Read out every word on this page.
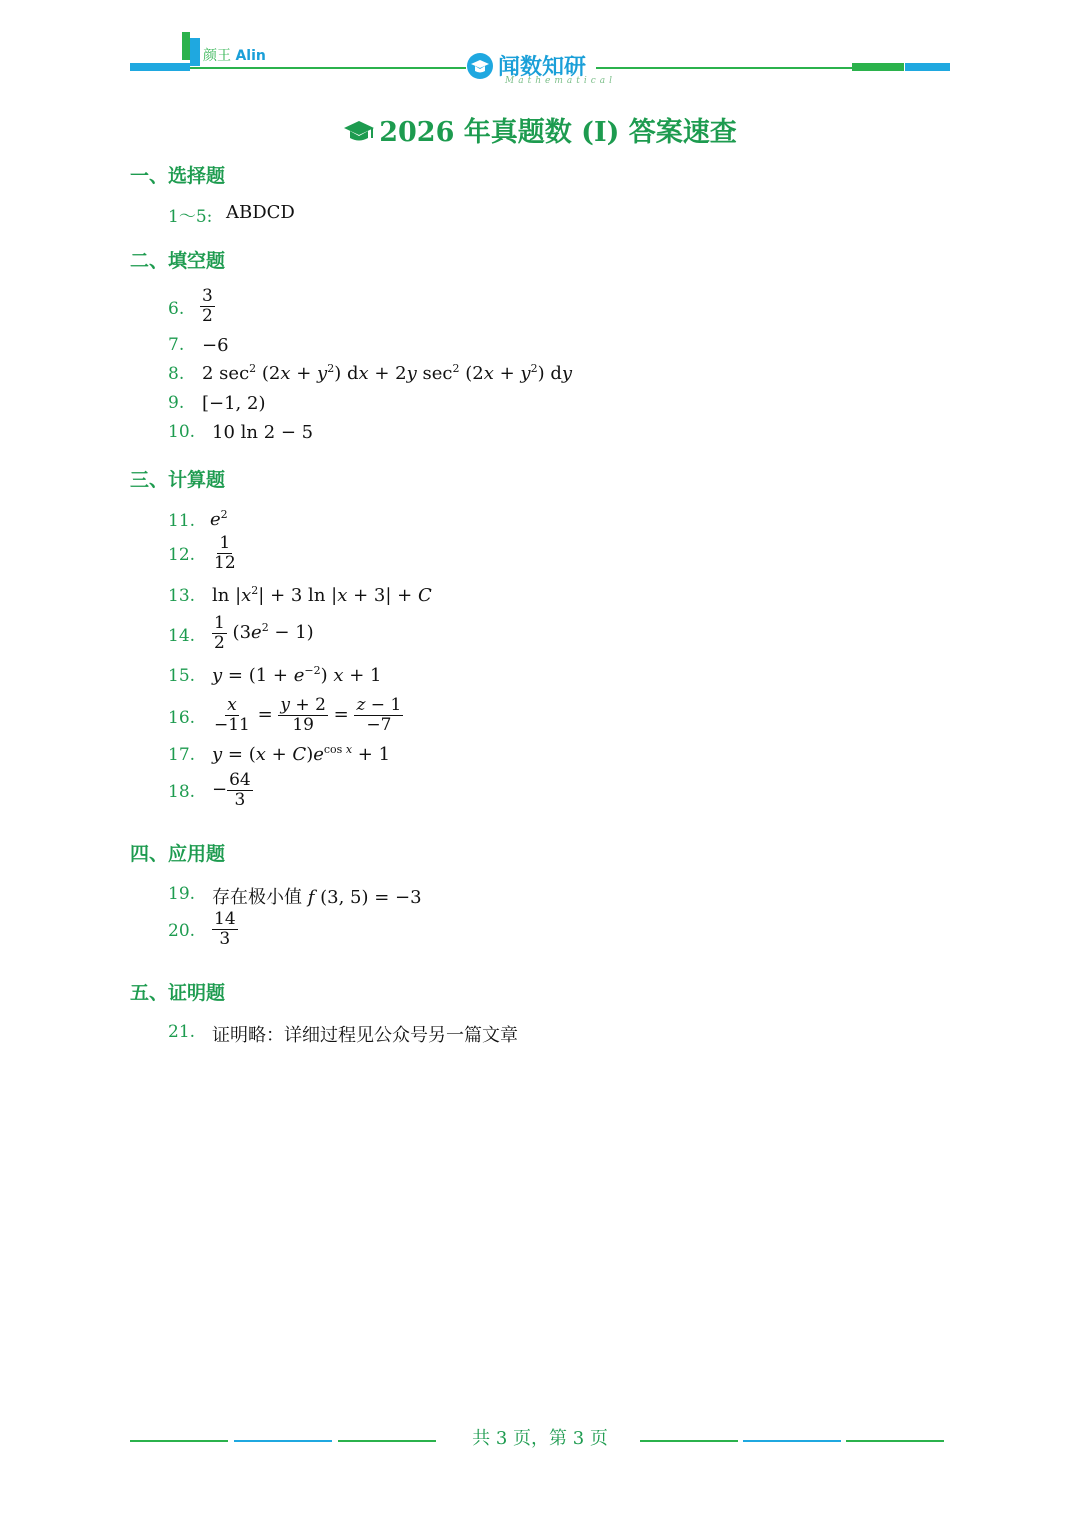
颜王 Alin	闻数知研
Mathematical
2026 年真题数 (I) 答案速查
一、选择题
1～5: ABDCD
二、填空题
6. $\frac{3}{2}$
7. −6
8. 2 $\sec^2 (2x + y^2)$ dx + 2y $\sec^2 (2x + y^2)$ dy
9. [−1, 2)
10. 10 ln 2 − 5
三、计算题
11. $e^2$
12. $\frac{1}{12}$
13. $\ln |x^2| + 3$ ln |x + 3| + C
14. $\frac{1}{2} (3e^2 - 1)$
15. $y = (1 + e^{-2})$ x + 1
16. $\frac{x}{-11} = \frac{y + 2}{19} = \frac{z - 1}{-7}$
17. $y = (x + C)e^{cos x} + 1$
18. − $\frac{64}{3}$
四、应用题
19. 存在极小值 f (3, 5) = −3
20. $\frac{14}{3}$
五、证明题
21. 证明略：详细过程见公众号另一篇文章
共 3 页，第 3 页
